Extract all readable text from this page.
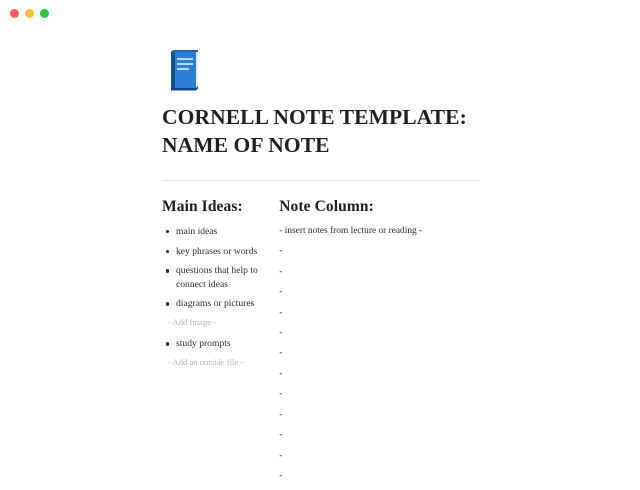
CORNELL NOTE TEMPLATE: NAME OF NOTE
Main Ideas:
main ideas
key phrases or words
questions that help to connect ideas
diagrams or pictures
- Add Image -
study prompts
- Add an outside file -
Note Column:
- insert notes from lecture or reading -
-
-
-
-
-
-
-
-
-
-
-
-
